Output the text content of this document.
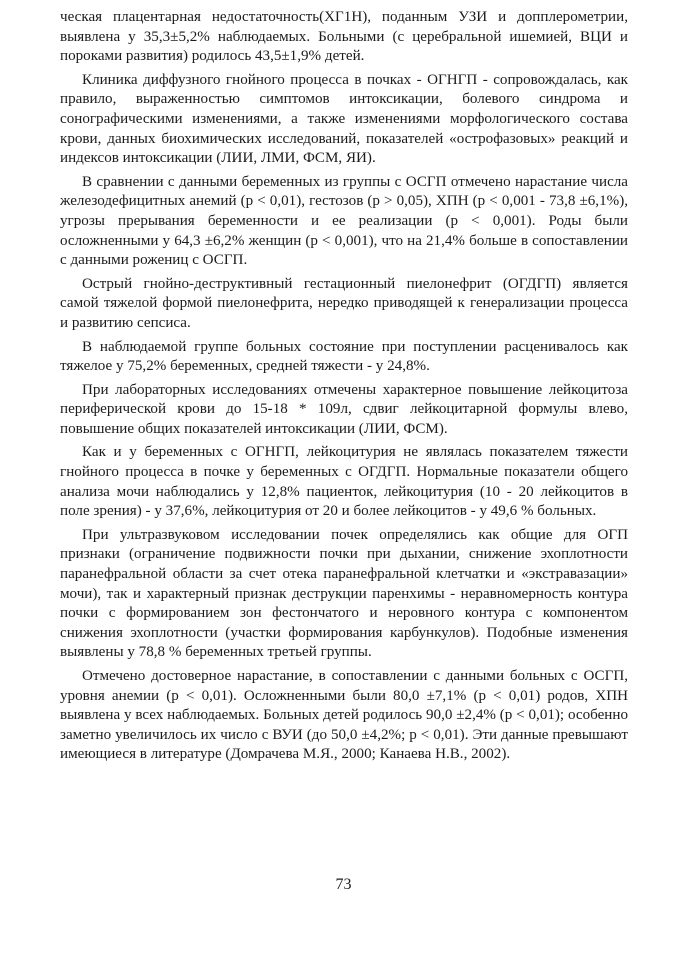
ческая плацентарная недостаточность(ХГ1Н), поданным УЗИ и допплерометрии, выявлена у 35,3±5,2% наблюдаемых. Больными (с церебральной ишемией, ВЦИ и пороками развития) родилось 43,5±1,9% детей.

Клиника диффузного гнойного процесса в почках - ОГНГП - сопровождалась, как правило, выраженностью симптомов интоксикации, болевого синдрома и сонографическими изменениями, а также изменениями морфологического состава крови, данных биохимических исследований, показателей «острофазовых» реакций и индексов интоксикации (ЛИИ, ЛМИ, ФСМ, ЯИ).

В сравнении с данными беременных из группы с ОСГП отмечено нарастание числа железодефицитных анемий (р < 0,01), гестозов (р > 0,05), ХПН (р < 0,001 - 73,8 ±6,1%), угрозы прерывания беременности и ее реализации (р < 0,001). Роды были осложненными у 64,3 ±6,2% женщин (р < 0,001), что на 21,4% больше в сопоставлении с данными рожениц с ОСГП.

Острый гнойно-деструктивный гестационный пиелонефрит (ОГДГП) является самой тяжелой формой пиелонефрита, нередко приводящей к генерализации процесса и развитию сепсиса.

В наблюдаемой группе больных состояние при поступлении расценивалось как тяжелое у 75,2% беременных, средней тяжести - у 24,8%.

При лабораторных исследованиях отмечены характерное повышение лейкоцитоза периферической крови до 15-18 * 109л, сдвиг лейкоцитарной формулы влево, повышение общих показателей интоксикации (ЛИИ, ФСМ).

Как и у беременных с ОГНГП, лейкоцитурия не являлась показателем тяжести гнойного процесса в почке у беременных с ОГДГП. Нормальные показатели общего анализа мочи наблюдались у 12,8% пациенток, лейкоцитурия (10 - 20 лейкоцитов в поле зрения) - у 37,6%, лейкоцитурия от 20 и более лейкоцитов - у 49,6 % больных.

При ультразвуковом исследовании почек определялись как общие для ОГП признаки (ограничение подвижности почки при дыхании, снижение эхоплотности паранефральной области за счет отека паранефральной клетчатки и «экстравазации» мочи), так и характерный признак деструкции паренхимы - неравномерность контура почки с формированием зон фестончатого и неровного контура с компонентом снижения эхоплотности (участки формирования карбункулов). Подобные изменения выявлены у 78,8 % беременных третьей группы.

Отмечено достоверное нарастание, в сопоставлении с данными больных с ОСГП, уровня анемии (р < 0,01). Осложненными были 80,0 ±7,1% (р < 0,01) родов, ХПН выявлена у всех наблюдаемых. Больных детей родилось 90,0 ±2,4% (р < 0,01); особенно заметно увеличилось их число с ВУИ (до 50,0 ±4,2%; р < 0,01). Эти данные превышают имеющиеся в литературе (Домрачева М.Я., 2000; Канаева Н.В., 2002).

73
